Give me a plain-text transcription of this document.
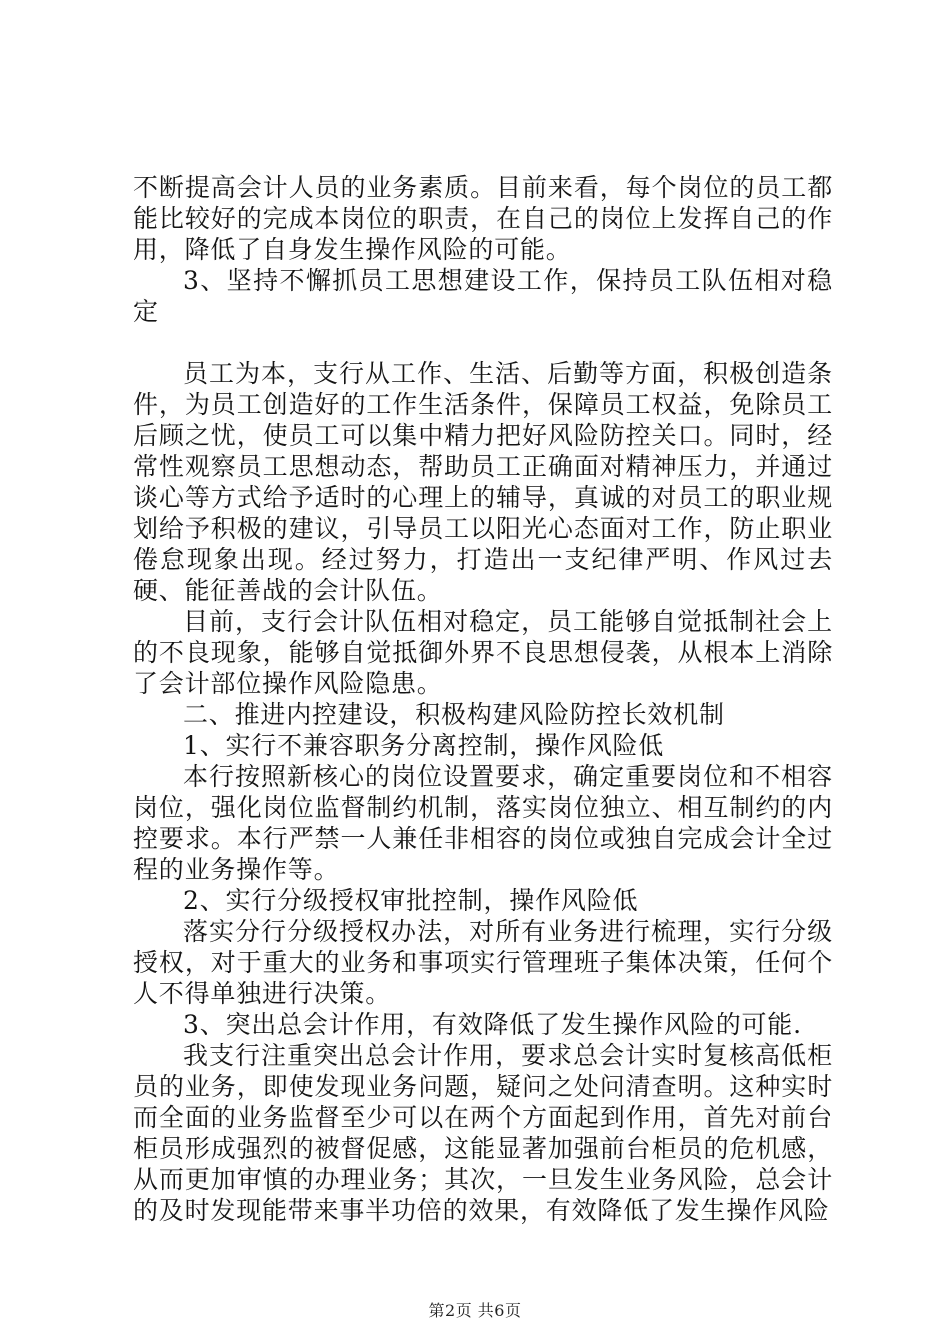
不断提高会计人员的业务素质。目前来看，每个岗位的员工都能比较好的完成本岗位的职责，在自己的岗位上发挥自己的作用，降低了自身发生操作风险的可能。

3、坚持不懈抓员工思想建设工作，保持员工队伍相对稳定

员工为本，支行从工作、生活、后勤等方面，积极创造条件，为员工创造好的工作生活条件，保障员工权益，免除员工后顾之忧，使员工可以集中精力把好风险防控关口。同时，经常性观察员工思想动态，帮助员工正确面对精神压力，并通过谈心等方式给予适时的心理上的辅导，真诚的对员工的职业规划给予积极的建议，引导员工以阳光心态面对工作，防止职业倦怠现象出现。经过努力，打造出一支纪律严明、作风过去硬、能征善战的会计队伍。

目前，支行会计队伍相对稳定，员工能够自觉抵制社会上的不良现象，能够自觉抵御外界不良思想侵袭，从根本上消除了会计部位操作风险隐患。

二、推进内控建设，积极构建风险防控长效机制

1、实行不兼容职务分离控制，操作风险低

本行按照新核心的岗位设置要求，确定重要岗位和不相容岗位，强化岗位监督制约机制，落实岗位独立、相互制约的内控要求。本行严禁一人兼任非相容的岗位或独自完成会计全过程的业务操作等。

2、实行分级授权审批控制，操作风险低

落实分行分级授权办法，对所有业务进行梳理，实行分级授权，对于重大的业务和事项实行管理班子集体决策，任何个人不得单独进行决策。

3、突出总会计作用，有效降低了发生操作风险的可能.

我支行注重突出总会计作用，要求总会计实时复核高低柜员的业务，即使发现业务问题，疑问之处问清查明。这种实时而全面的业务监督至少可以在两个方面起到作用，首先对前台柜员形成强烈的被督促感，这能显著加强前台柜员的危机感，从而更加审慎的办理业务；其次，一旦发生业务风险，总会计的及时发现能带来事半功倍的效果，有效降低了发生操作风险

第2页 共6页
